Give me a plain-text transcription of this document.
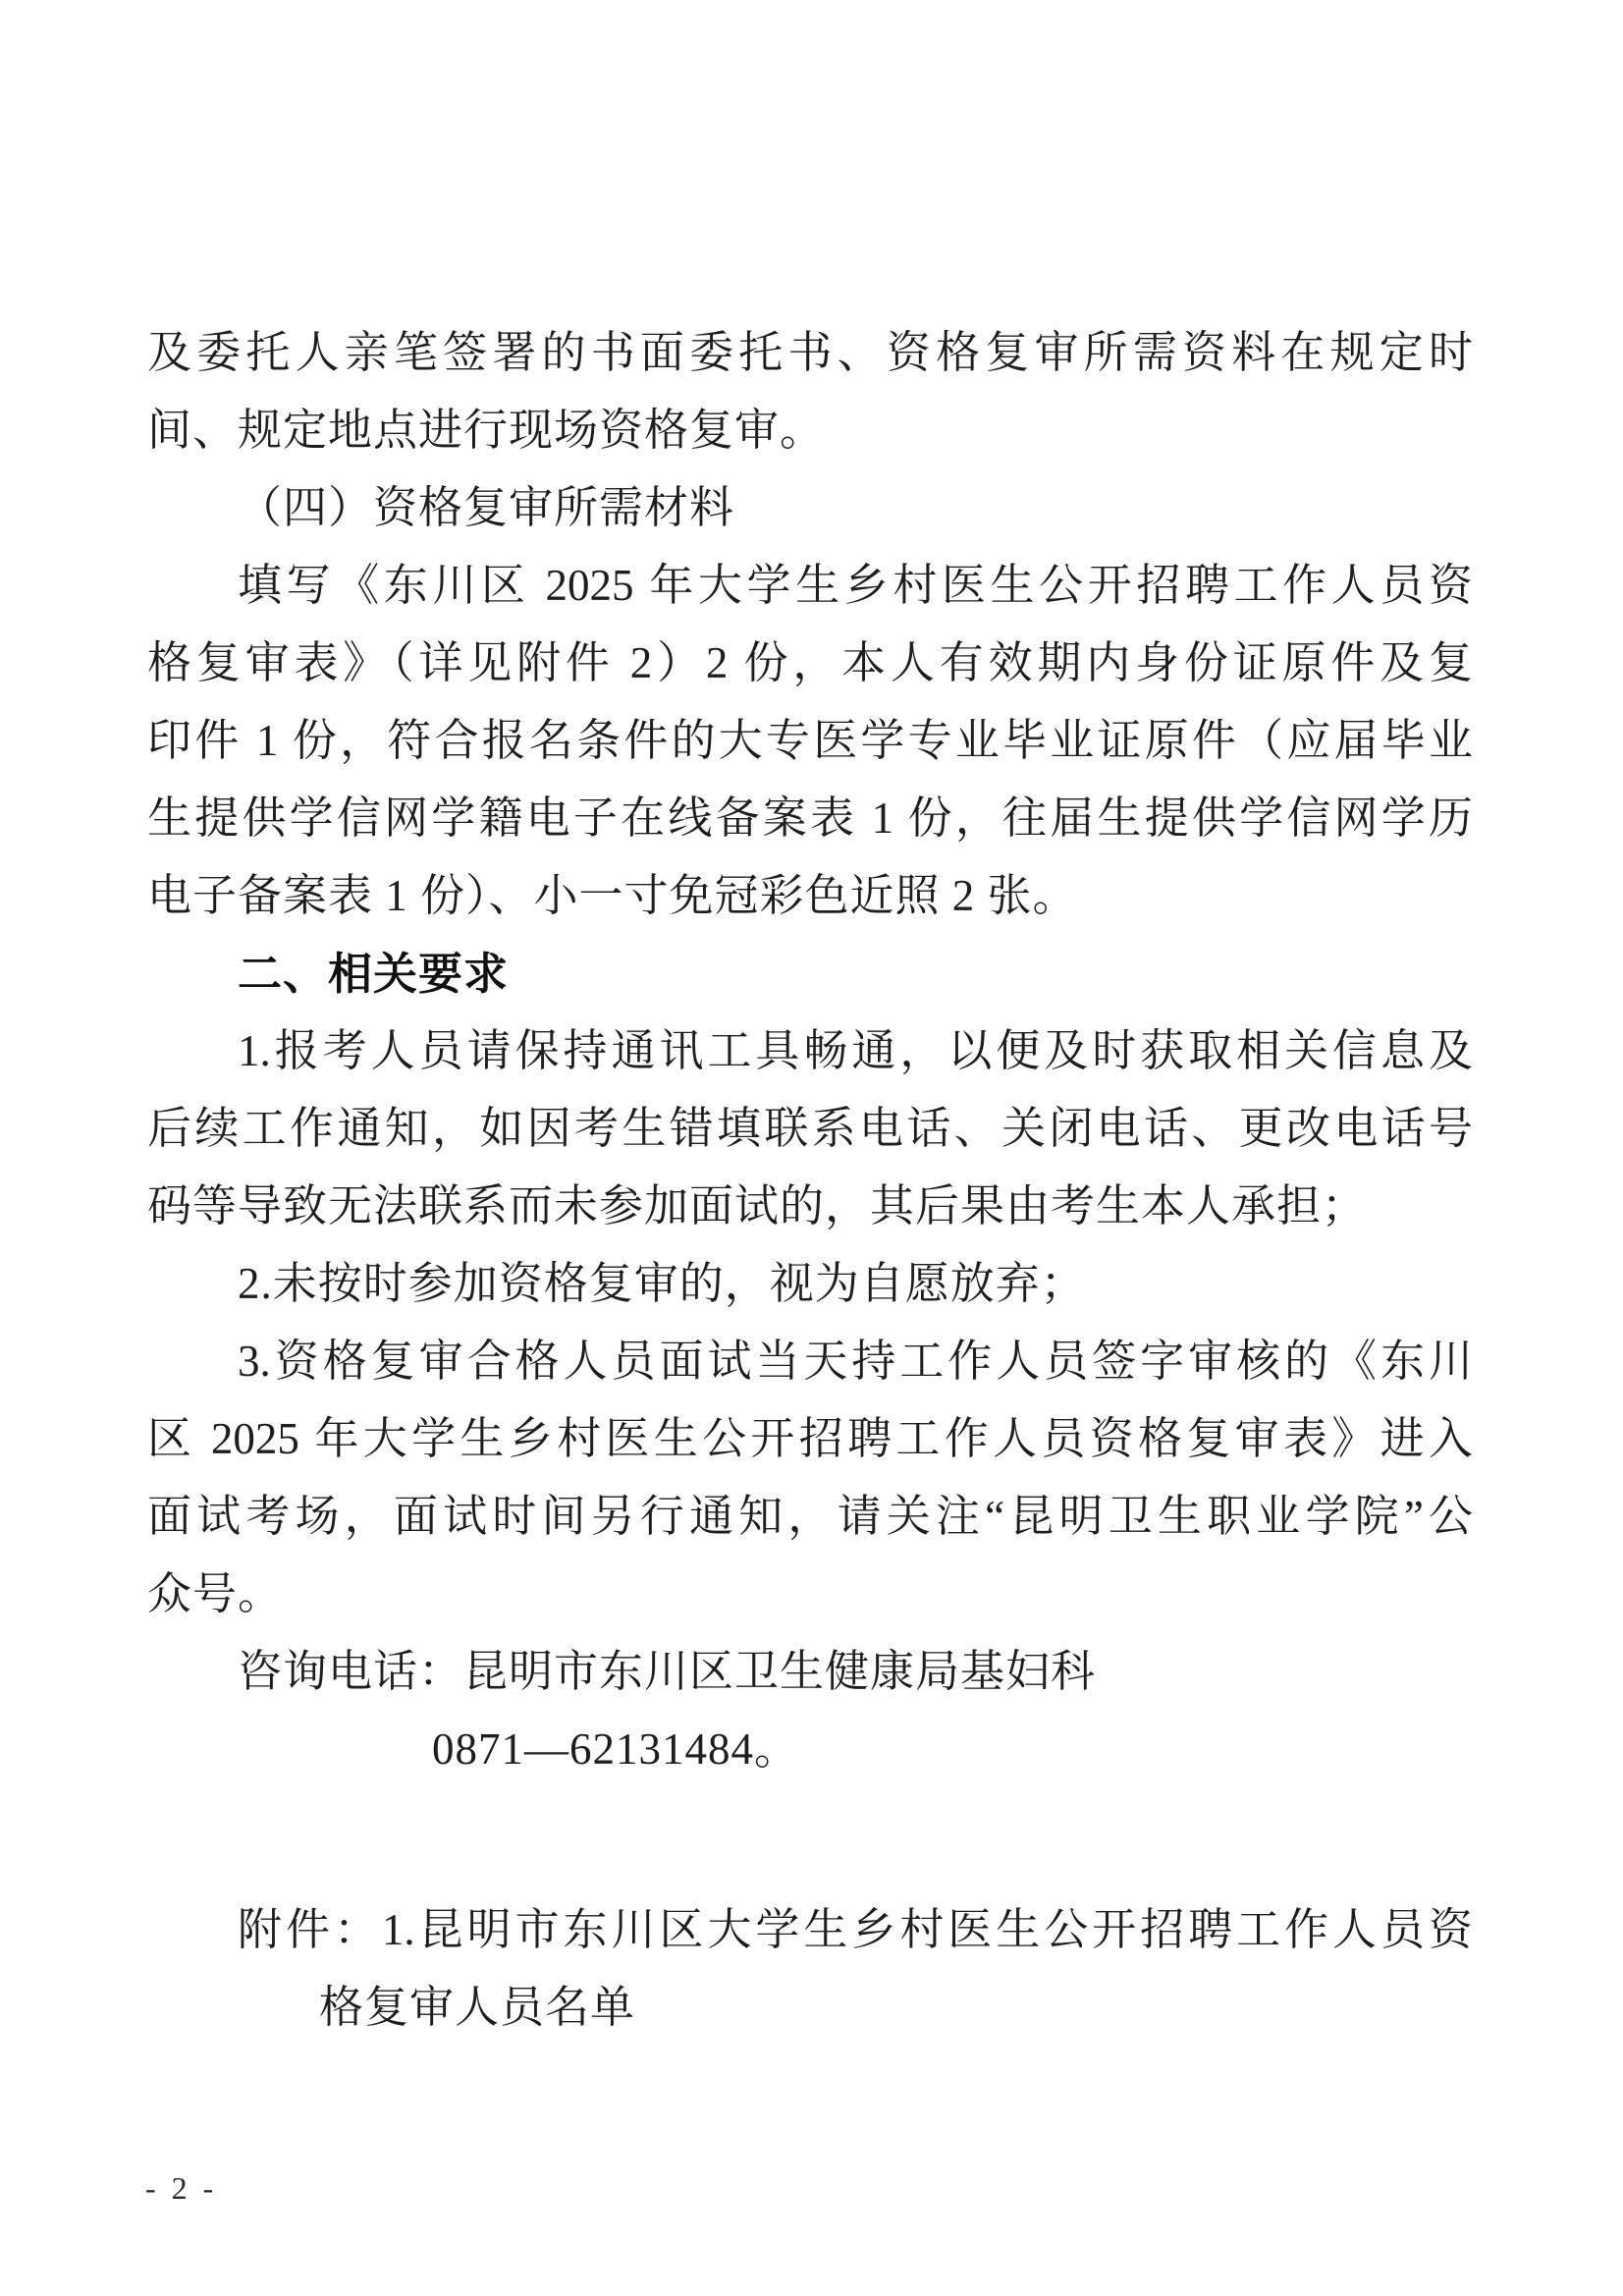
及委托人亲笔签署的书面委托书、资格复审所需资料在规定时
间、规定地点进行现场资格复审。
（四）资格复审所需材料
填写《东川区 2025 年大学生乡村医生公开招聘工作人员资
格复审表》（详见附件 2）2 份，本人有效期内身份证原件及复
印件 1 份，符合报名条件的大专医学专业毕业证原件（应届毕业
生提供学信网学籍电子在线备案表 1 份，往届生提供学信网学历
电子备案表 1 份）、小一寸免冠彩色近照 2 张。
二、相关要求
1.报考人员请保持通讯工具畅通，以便及时获取相关信息及
后续工作通知，如因考生错填联系电话、关闭电话、更改电话号
码等导致无法联系而未参加面试的，其后果由考生本人承担；
2.未按时参加资格复审的，视为自愿放弃；
3.资格复审合格人员面试当天持工作人员签字审核的《东川
区 2025 年大学生乡村医生公开招聘工作人员资格复审表》进入
面试考场，面试时间另行通知，请关注“昆明卫生职业学院”公
众号。
咨询电话：昆明市东川区卫生健康局基妇科
0871—62131484。
附件：1.昆明市东川区大学生乡村医生公开招聘工作人员资
格复审人员名单
- 2 -
